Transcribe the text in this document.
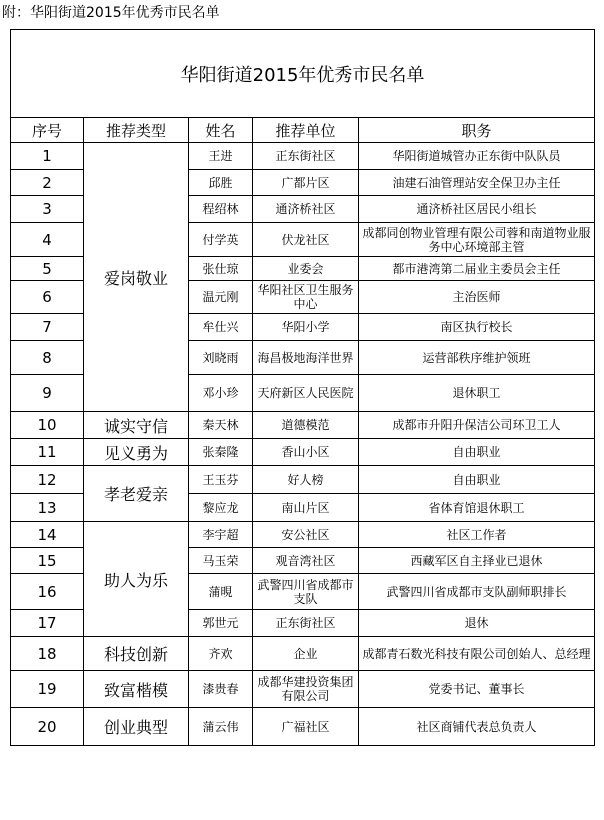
附：华阳街道2015年优秀市民名单
华阳街道2015年优秀市民名单				
序号	推荐类型	姓名	推荐单位	职务
1	爱岗敬业	王进	正东街社区	华阳街道城管办正东街中队队员
2		邱胜	广都片区	油建石油管理站安全保卫办主任
3		程绍林	通济桥社区	通济桥社区居民小组长
4		付学英	伏龙社区	成都同创物业管理有限公司蓉和南道物业服务中心环境部主管
5		张仕琼	业委会	都市港湾第二届业主委员会主任
6		温元刚	华阳社区卫生服务中心	主治医师
7		牟仕兴	华阳小学	南区执行校长
8		刘晓雨	海昌极地海洋世界	运营部秩序维护领班
9		邓小珍	天府新区人民医院	退休职工
10	诚实守信	秦天林	道德模范	成都市升阳升保洁公司环卫工人
11	见义勇为	张秦隆	香山小区	自由职业
12	孝老爱亲	王玉芬	好人榜	自由职业
13		黎应龙	南山片区	省体育馆退休职工
14	助人为乐	李宇超	安公社区	社区工作者
15		马玉荣	观音湾社区	西藏军区自主择业已退休
16		蒲晛	武警四川省成都市支队	武警四川省成都市支队副师职排长
17		郭世元	正东街社区	退休
18	科技创新	齐欢	企业	成都青石数光科技有限公司创始人、总经理
19	致富楷模	漆贵春	成都华建投资集团有限公司	党委书记、董事长
20	创业典型	蒲云伟	广福社区	社区商铺代表总负责人
